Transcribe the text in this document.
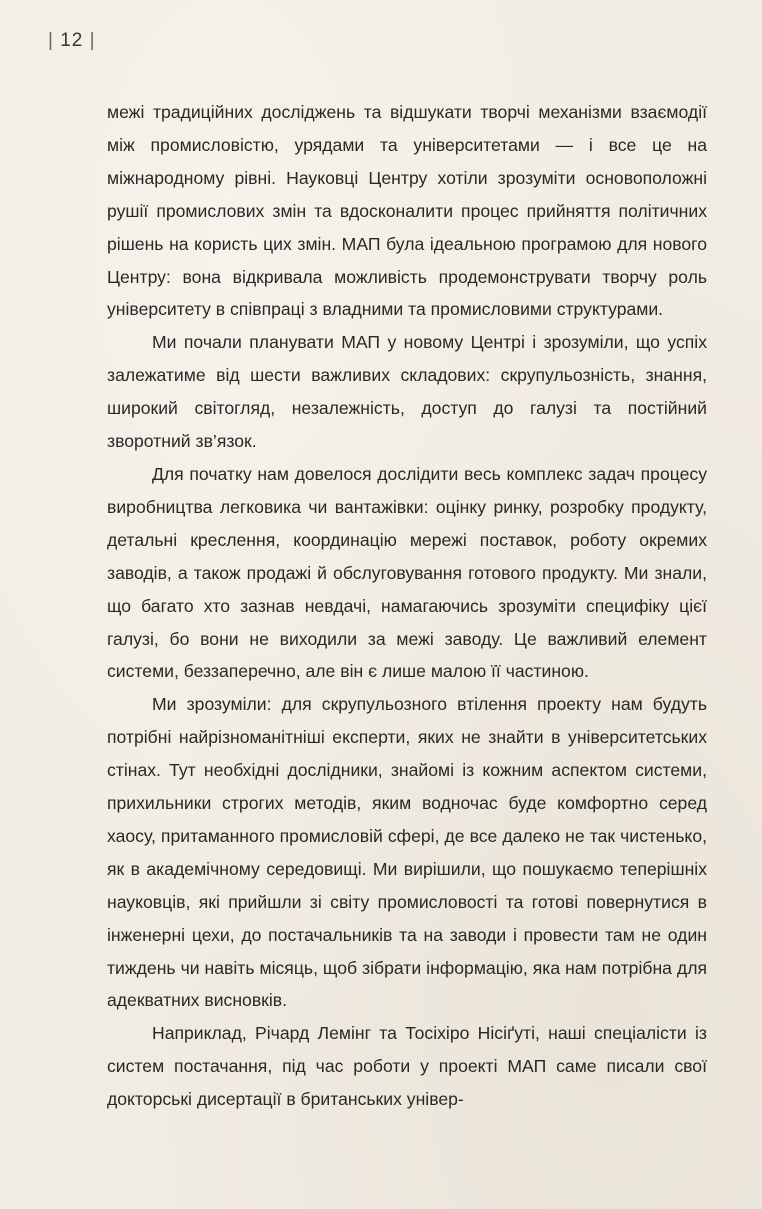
| 12 |

межі традиційних досліджень та відшукати творчі механізми взаємодії між промисловістю, урядами та університетами — і все це на міжнародному рівні. Науковці Центру хотіли зрозуміти основоположні рушії промислових змін та вдосконалити процес прийняття політичних рішень на користь цих змін. МАП була ідеальною програмою для нового Центру: вона відкривала можливість продемонструвати творчу роль університету в співпраці з владними та промисловими структурами.

Ми почали планувати МАП у новому Центрі і зрозуміли, що успіх залежатиме від шести важливих складових: скрупульозність, знання, широкий світогляд, незалежність, доступ до галузі та постійний зворотний зв’язок.

Для початку нам довелося дослідити весь комплекс задач процесу виробництва легковика чи вантажівки: оцінку ринку, розробку продукту, детальні креслення, координацію мережі поставок, роботу окремих заводів, а також продажі й обслуговування готового продукту. Ми знали, що багато хто зазнав невдачі, намагаючись зрозуміти специфіку цієї галузі, бо вони не виходили за межі заводу. Це важливий елемент системи, беззаперечно, але він є лише малою її частиною.

Ми зрозуміли: для скрупульозного втілення проекту нам будуть потрібні найрізноманітніші експерти, яких не знайти в університетських стінах. Тут необхідні дослідники, знайомі із кожним аспектом системи, прихильники строгих методів, яким водночас буде комфортно серед хаосу, притаманного промисловій сфері, де все далеко не так чистенько, як в академічному середовищі. Ми вирішили, що пошукаємо теперішніх науковців, які прийшли зі світу промисловості та готові повернутися в інженерні цехи, до постачальників та на заводи і провести там не один тиждень чи навіть місяць, щоб зібрати інформацію, яка нам потрібна для адекватних висновків.

Наприклад, Річард Лемінг та Тосіхіро Нісіґуті, наші спеціалісти із систем постачання, під час роботи у проекті МАП саме писали свої докторські дисертації в британських універ-
